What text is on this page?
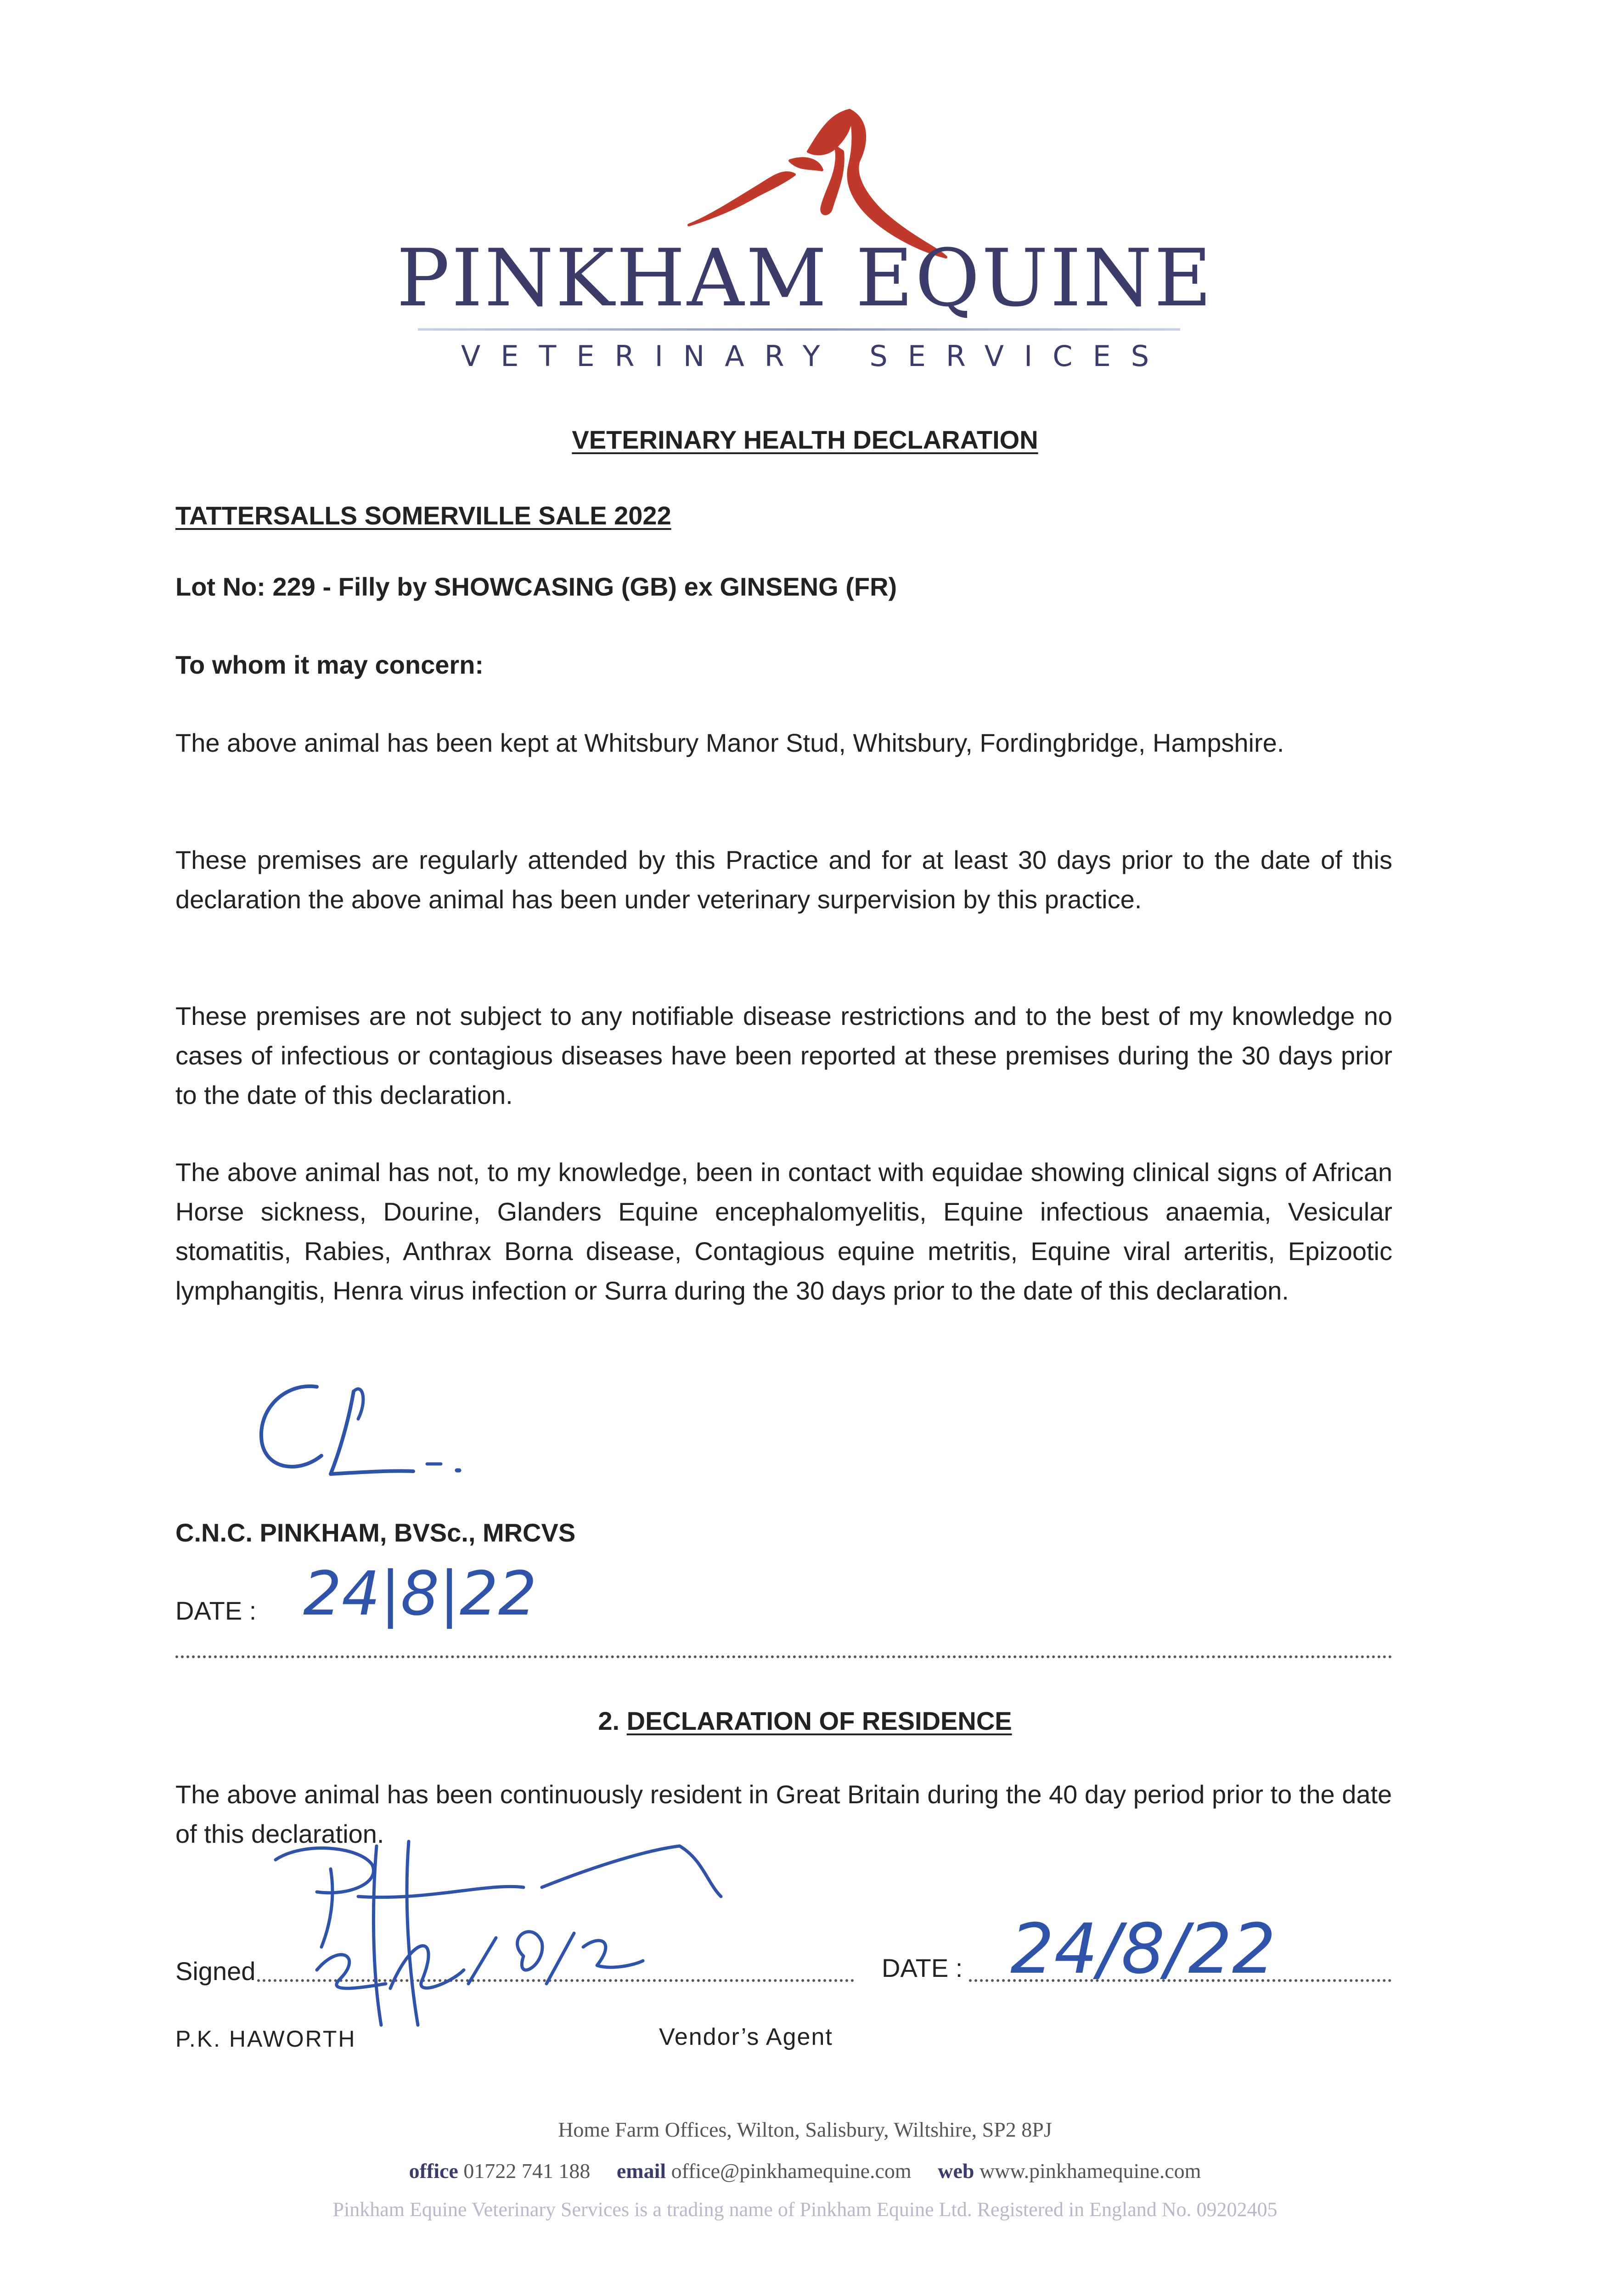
PINKHAM EQUINE
VETERINARY SERVICES
VETERINARY HEALTH DECLARATION
TATTERSALLS SOMERVILLE SALE 2022
Lot No: 229 - Filly by SHOWCASING (GB) ex GINSENG (FR)
To whom it may concern:

The above animal has been kept at Whitsbury Manor Stud, Whitsbury, Fordingbridge, Hampshire.

These premises are regularly attended by this Practice and for at least 30 days prior to the date of this declaration the above animal has been under veterinary surpervision by this practice.

These premises are not subject to any notifiable disease restrictions and to the best of my knowledge no cases of infectious or contagious diseases have been reported at these premises during the 30 days prior to the date of this declaration.

The above animal has not, to my knowledge, been in contact with equidae showing clinical signs of African Horse sickness, Dourine, Glanders Equine encephalomyelitis, Equine infectious anaemia, Vesicular stomatitis, Rabies, Anthrax Borna disease, Contagious equine metritis, Equine viral arteritis, Epizootic lymphangitis, Henra virus infection or Surra during the 30 days prior to the date of this declaration.

C.N.C. PINKHAM, BVSc., MRCVS
DATE : 24|8|22
2. DECLARATION OF RESIDENCE

The above animal has been continuously resident in Great Britain during the 40 day period prior to the date of this declaration.

Signed	DATE : 24/8/22
P.K. HAWORTH	Vendor’s Agent
Home Farm Offices, Wilton, Salisbury, Wiltshire, SP2 8PJ
office 01722 741 188 email office@pinkhamequine.com web www.pinkhamequine.com
Pinkham Equine Veterinary Services is a trading name of Pinkham Equine Ltd. Registered in England No. 09202405
